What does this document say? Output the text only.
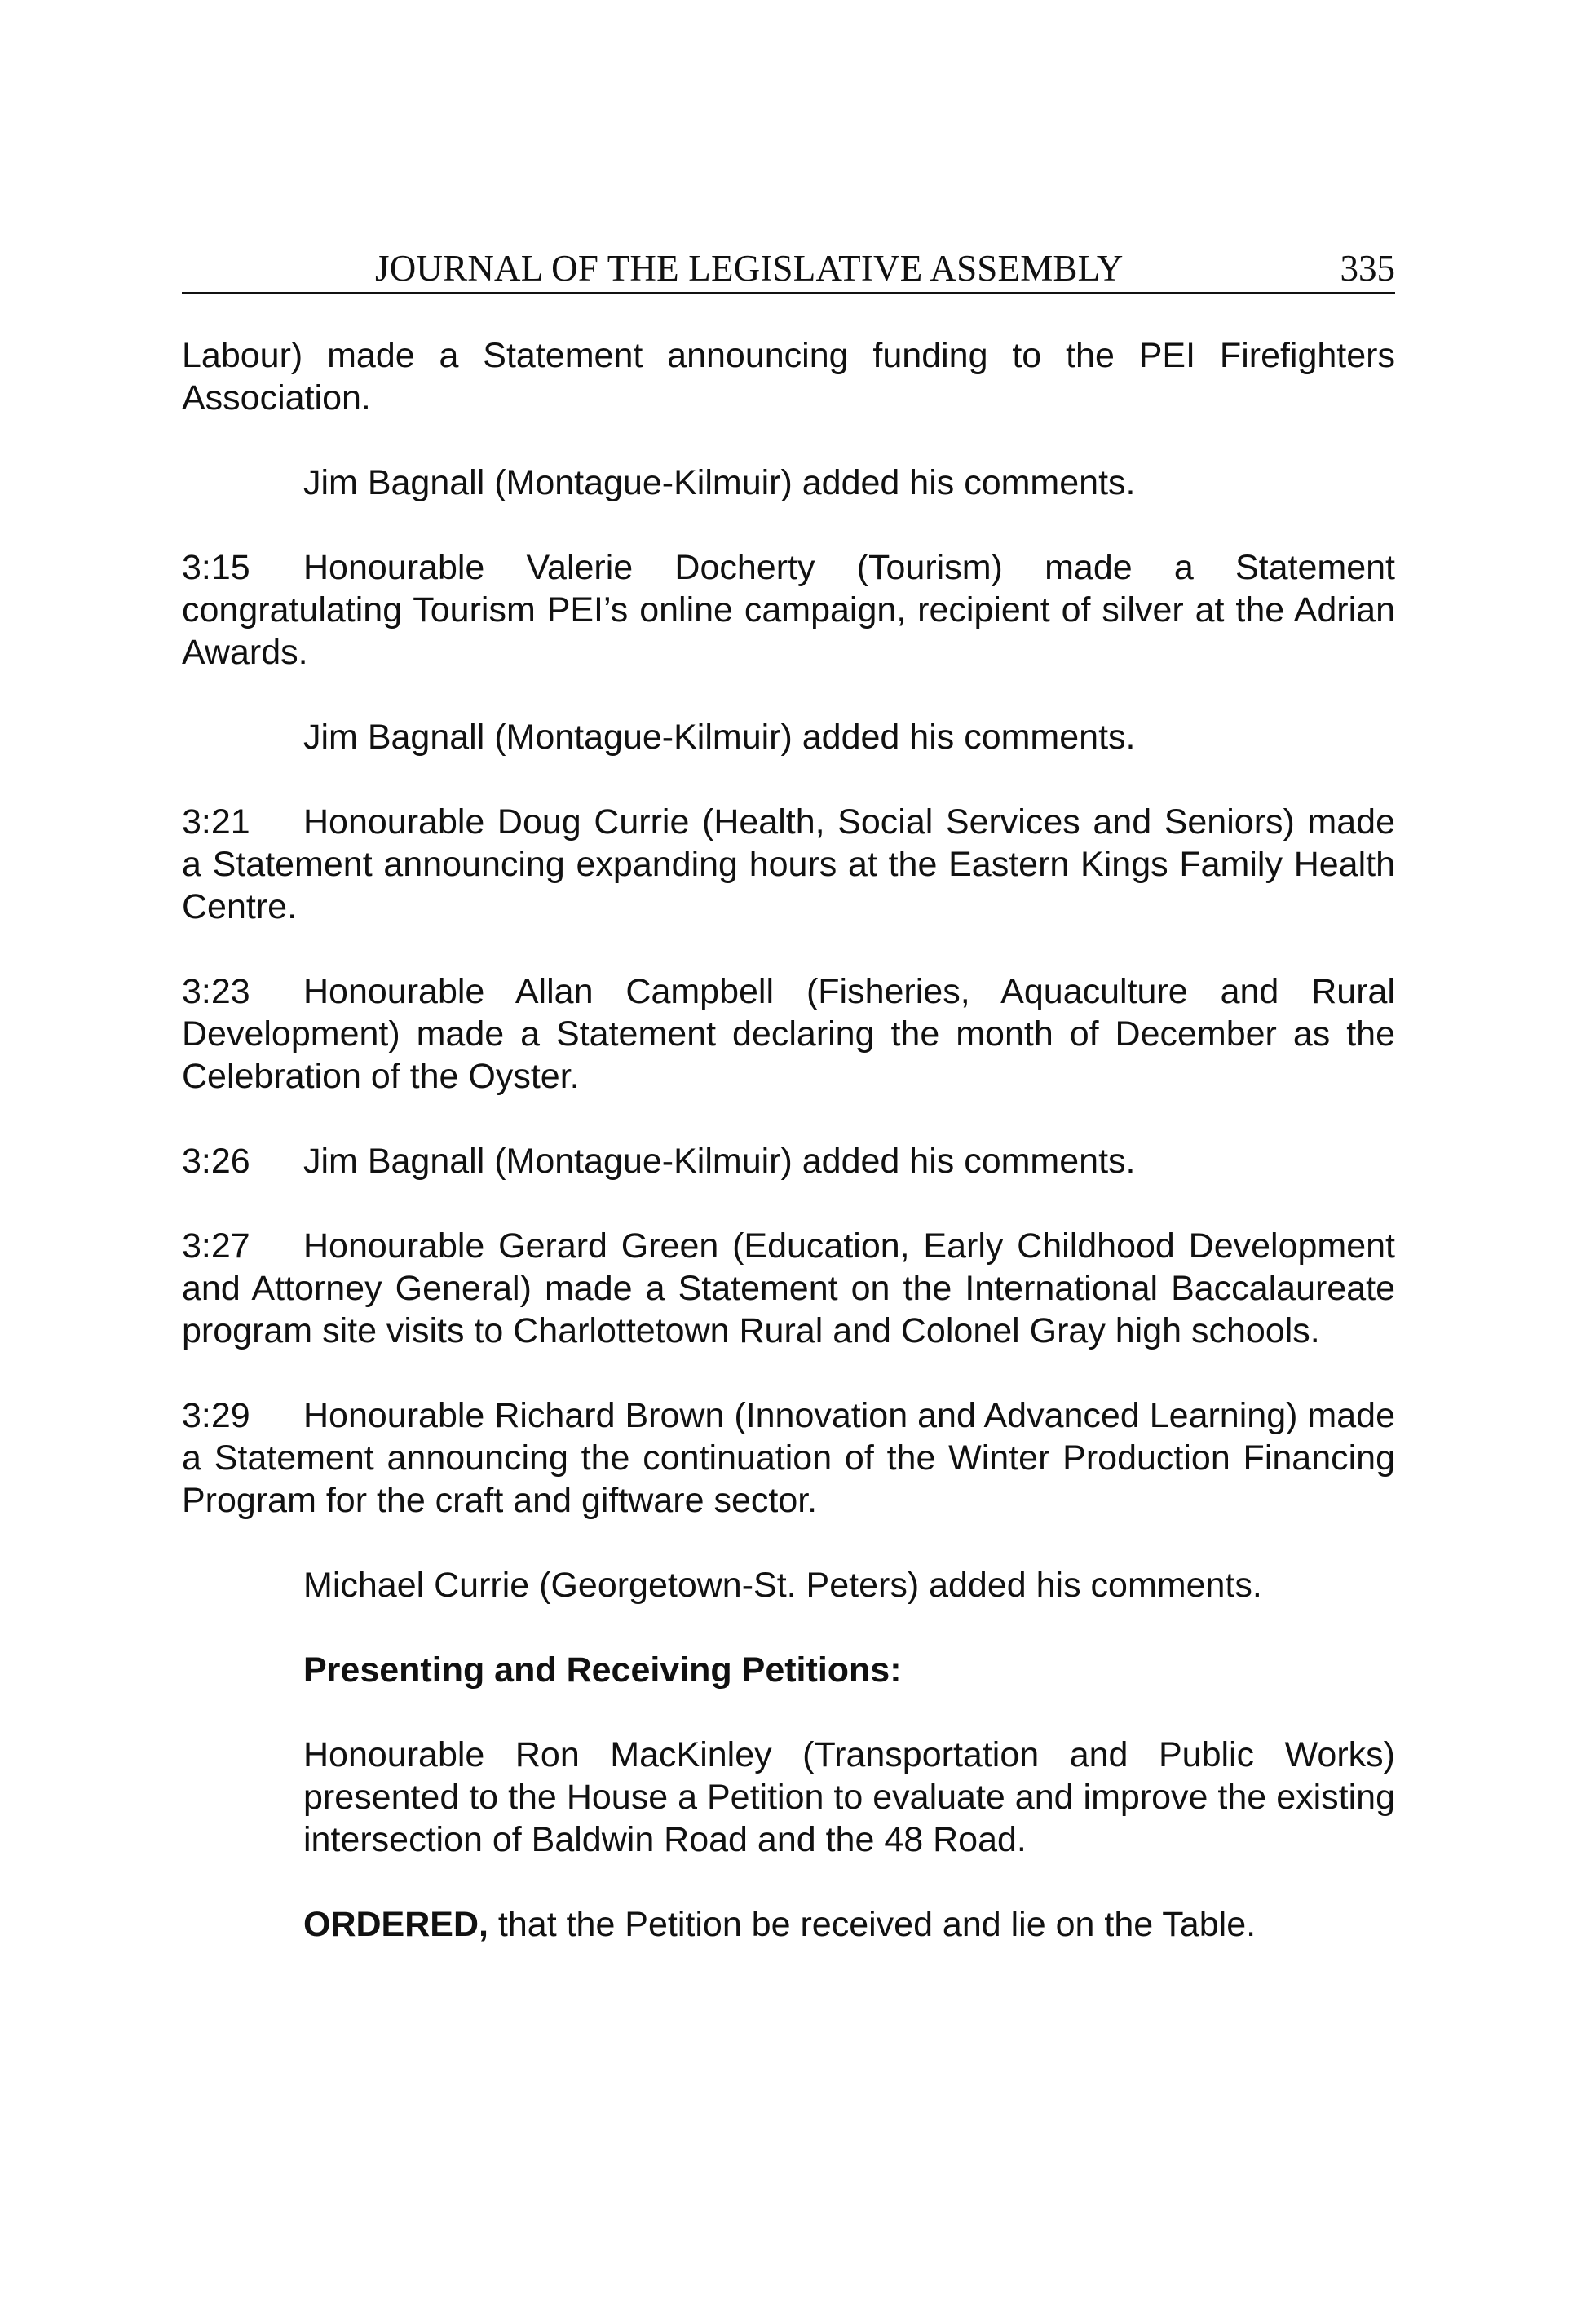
JOURNAL OF THE LEGISLATIVE ASSEMBLY	335

Labour) made a Statement announcing funding to the PEI Firefighters Association.

Jim Bagnall (Montague-Kilmuir) added his comments.

3:15 Honourable Valerie Docherty (Tourism) made a Statement congratulating Tourism PEI’s online campaign, recipient of silver at the Adrian Awards.

Jim Bagnall (Montague-Kilmuir) added his comments.

3:21 Honourable Doug Currie (Health, Social Services and Seniors) made a Statement announcing expanding hours at the Eastern Kings Family Health Centre.

3:23 Honourable Allan Campbell (Fisheries, Aquaculture and Rural Development) made a Statement declaring the month of December as the Celebration of the Oyster.

3:26 Jim Bagnall (Montague-Kilmuir) added his comments.

3:27 Honourable Gerard Green (Education, Early Childhood Development and Attorney General) made a Statement on the International Baccalaureate program site visits to Charlottetown Rural and Colonel Gray high schools.

3:29 Honourable Richard Brown (Innovation and Advanced Learning) made a Statement announcing the continuation of the Winter Production Financing Program for the craft and giftware sector.

Michael Currie (Georgetown-St. Peters) added his comments.

Presenting and Receiving Petitions:

Honourable Ron MacKinley (Transportation and Public Works) presented to the House a Petition to evaluate and improve the existing intersection of Baldwin Road and the 48 Road.

ORDERED, that the Petition be received and lie on the Table.
